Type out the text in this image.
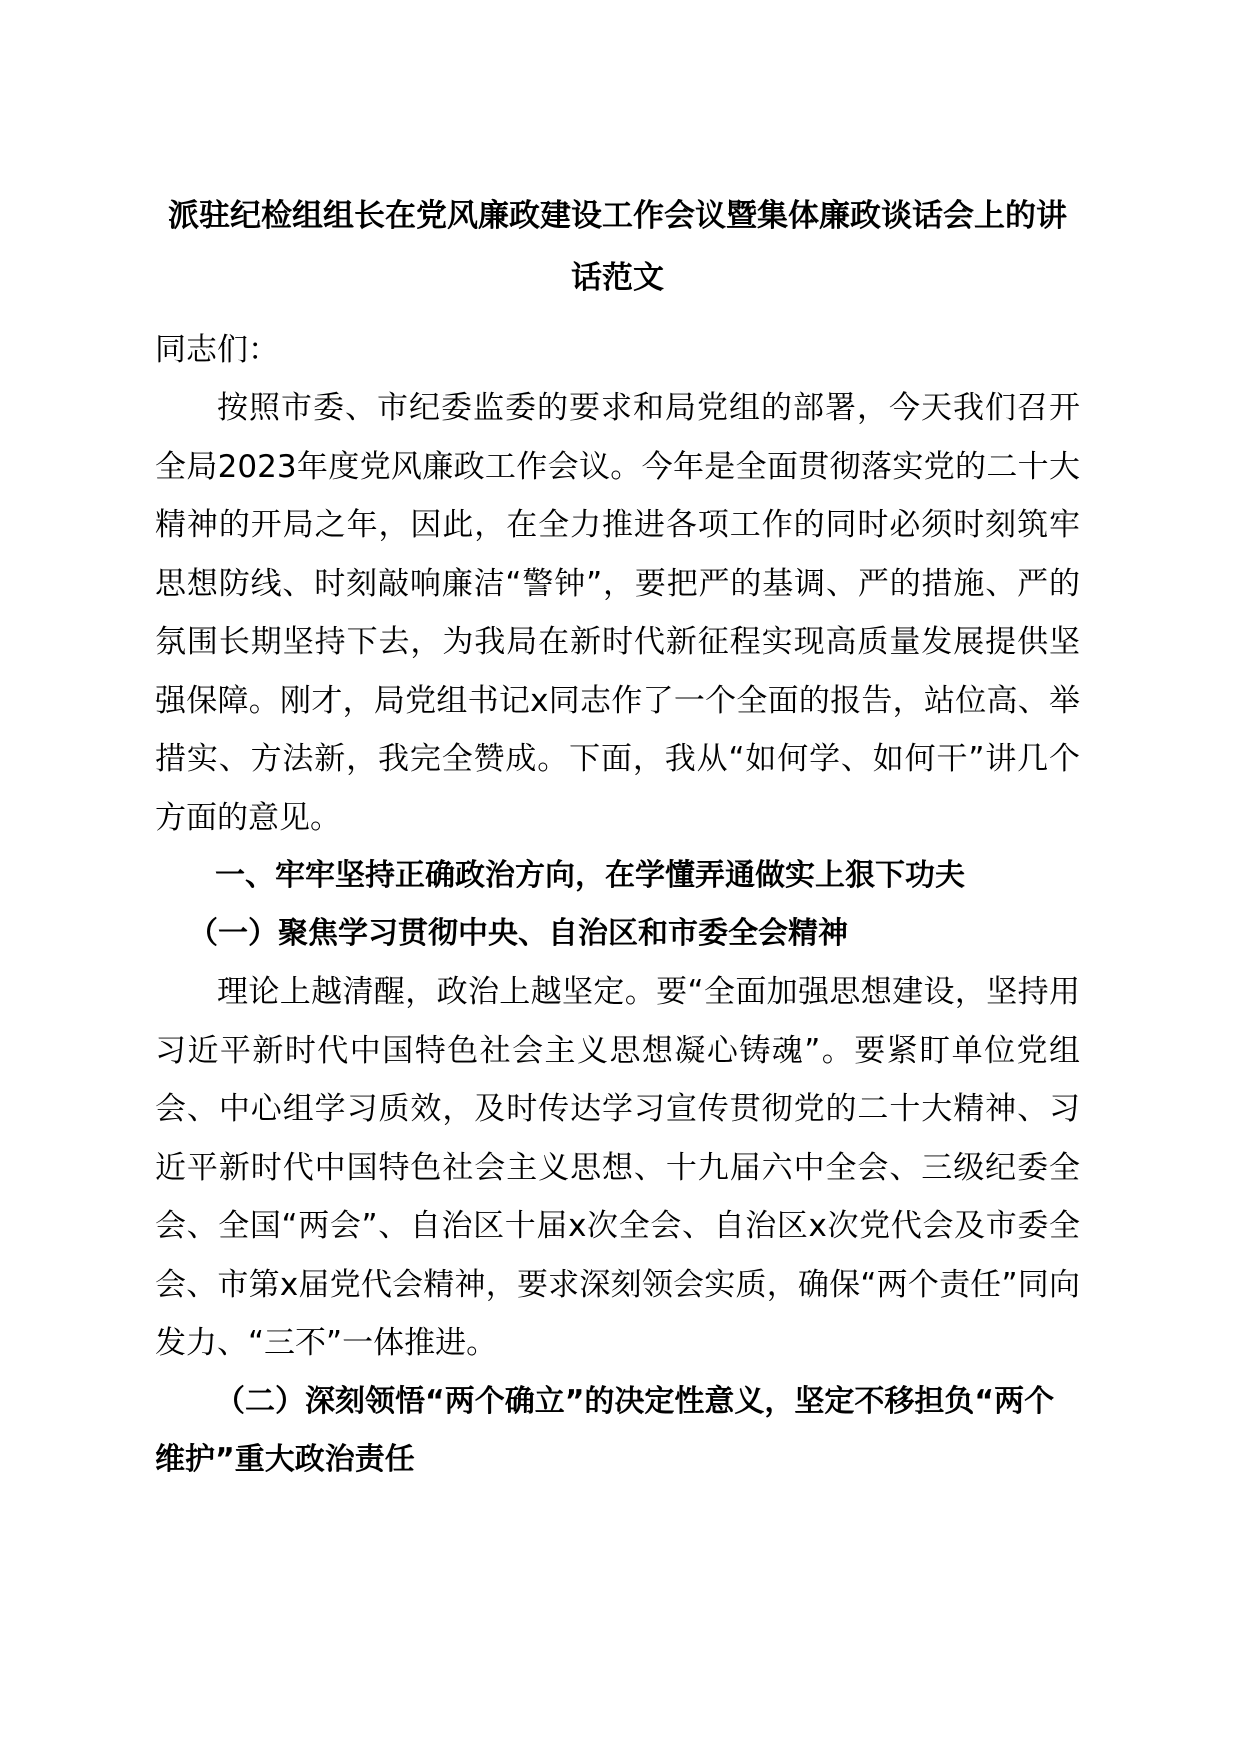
派驻纪检组组长在党风廉政建设工作会议暨集体廉政谈话会上的讲话范文

同志们：

按照市委、市纪委监委的要求和局党组的部署，今天我们召开全局2023年度党风廉政工作会议。今年是全面贯彻落实党的二十大精神的开局之年，因此，在全力推进各项工作的同时必须时刻筑牢思想防线、时刻敲响廉洁“警钟”，要把严的基调、严的措施、严的氛围长期坚持下去，为我局在新时代新征程实现高质量发展提供坚强保障。刚才，局党组书记x同志作了一个全面的报告，站位高、举措实、方法新，我完全赞成。下面，我从“如何学、如何干”讲几个方面的意见。

一、牢牢坚持正确政治方向，在学懂弄通做实上狠下功夫

（一）聚焦学习贯彻中央、自治区和市委全会精神

理论上越清醒，政治上越坚定。要“全面加强思想建设，坚持用习近平新时代中国特色社会主义思想凝心铸魂”。要紧盯单位党组会、中心组学习质效，及时传达学习宣传贯彻党的二十大精神、习近平新时代中国特色社会主义思想、十九届六中全会、三级纪委全会、全国“两会”、自治区十届x次全会、自治区x次党代会及市委全会、市第x届党代会精神，要求深刻领会实质，确保“两个责任”同向发力、“三不”一体推进。

（二）深刻领悟“两个确立”的决定性意义，坚定不移担负“两个维护”重大政治责任
